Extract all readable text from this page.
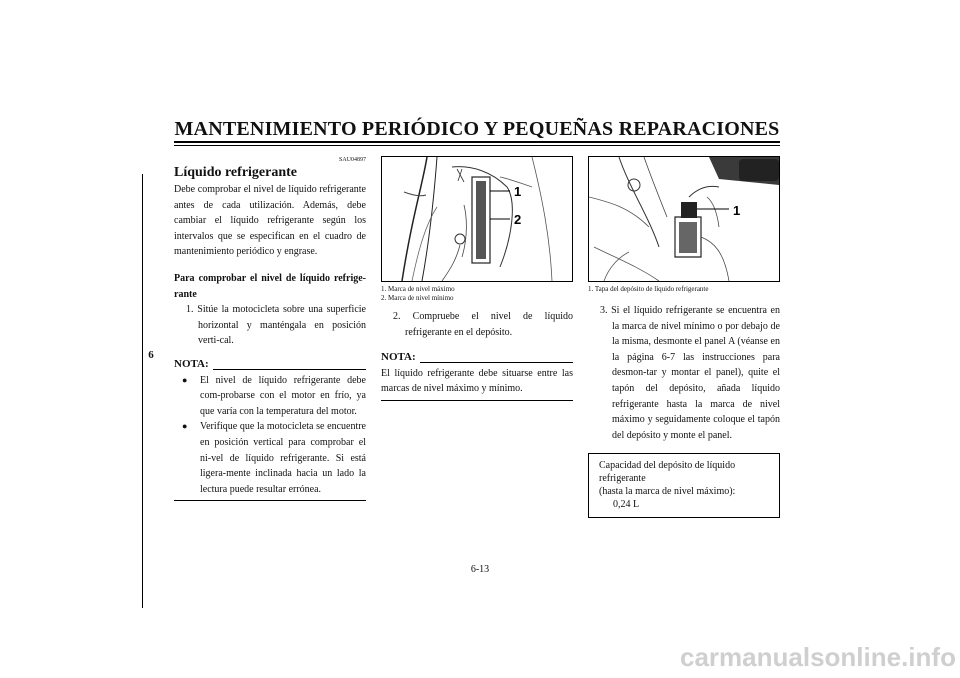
MANTENIMIENTO PERIÓDICO Y PEQUEÑAS REPARACIONES
6
SAU04897
Líquido refrigerante

Debe comprobar el nivel de líquido refrigerante antes de cada utilización. Además, debe cambiar el líquido refrigerante según los intervalos que se especifican en el cuadro de mantenimiento periódico y engrase.

Para comprobar el nivel de líquido refrige-rante

1. Sitúe la motocicleta sobre una superficie horizontal y manténgala en posición verti-cal.

NOTA:
●	El nivel de líquido refrigerante debe com-probarse con el motor en frío, ya que varía con la temperatura del motor.

●	Verifique que la motocicleta se encuentre en posición vertical para comprobar el ni-vel de líquido refrigerante. Si está ligera-mente inclinada hacia un lado la lectura puede resultar errónea.

1
2
1. Marca de nivel máximo
2. Marca de nivel mínimo

2. Compruebe el nivel de líquido refrigerante en el depósito.

NOTA:

El líquido refrigerante debe situarse entre las marcas de nivel máximo y mínimo.

1
1. Tapa del depósito de líquido refrigerante

3. Si el líquido refrigerante se encuentra en la marca de nivel mínimo o por debajo de la misma, desmonte el panel A (véanse en la página 6-7 las instrucciones para desmon-tar y montar el panel), quite el tapón del depósito, añada líquido refrigerante hasta la marca de nivel máximo y seguidamente coloque el tapón del depósito y monte el panel.

Capacidad del depósito de líquido refrigerante
(hasta la marca de nivel máximo):
0,24 L
6-13
carmanualsonline.info
